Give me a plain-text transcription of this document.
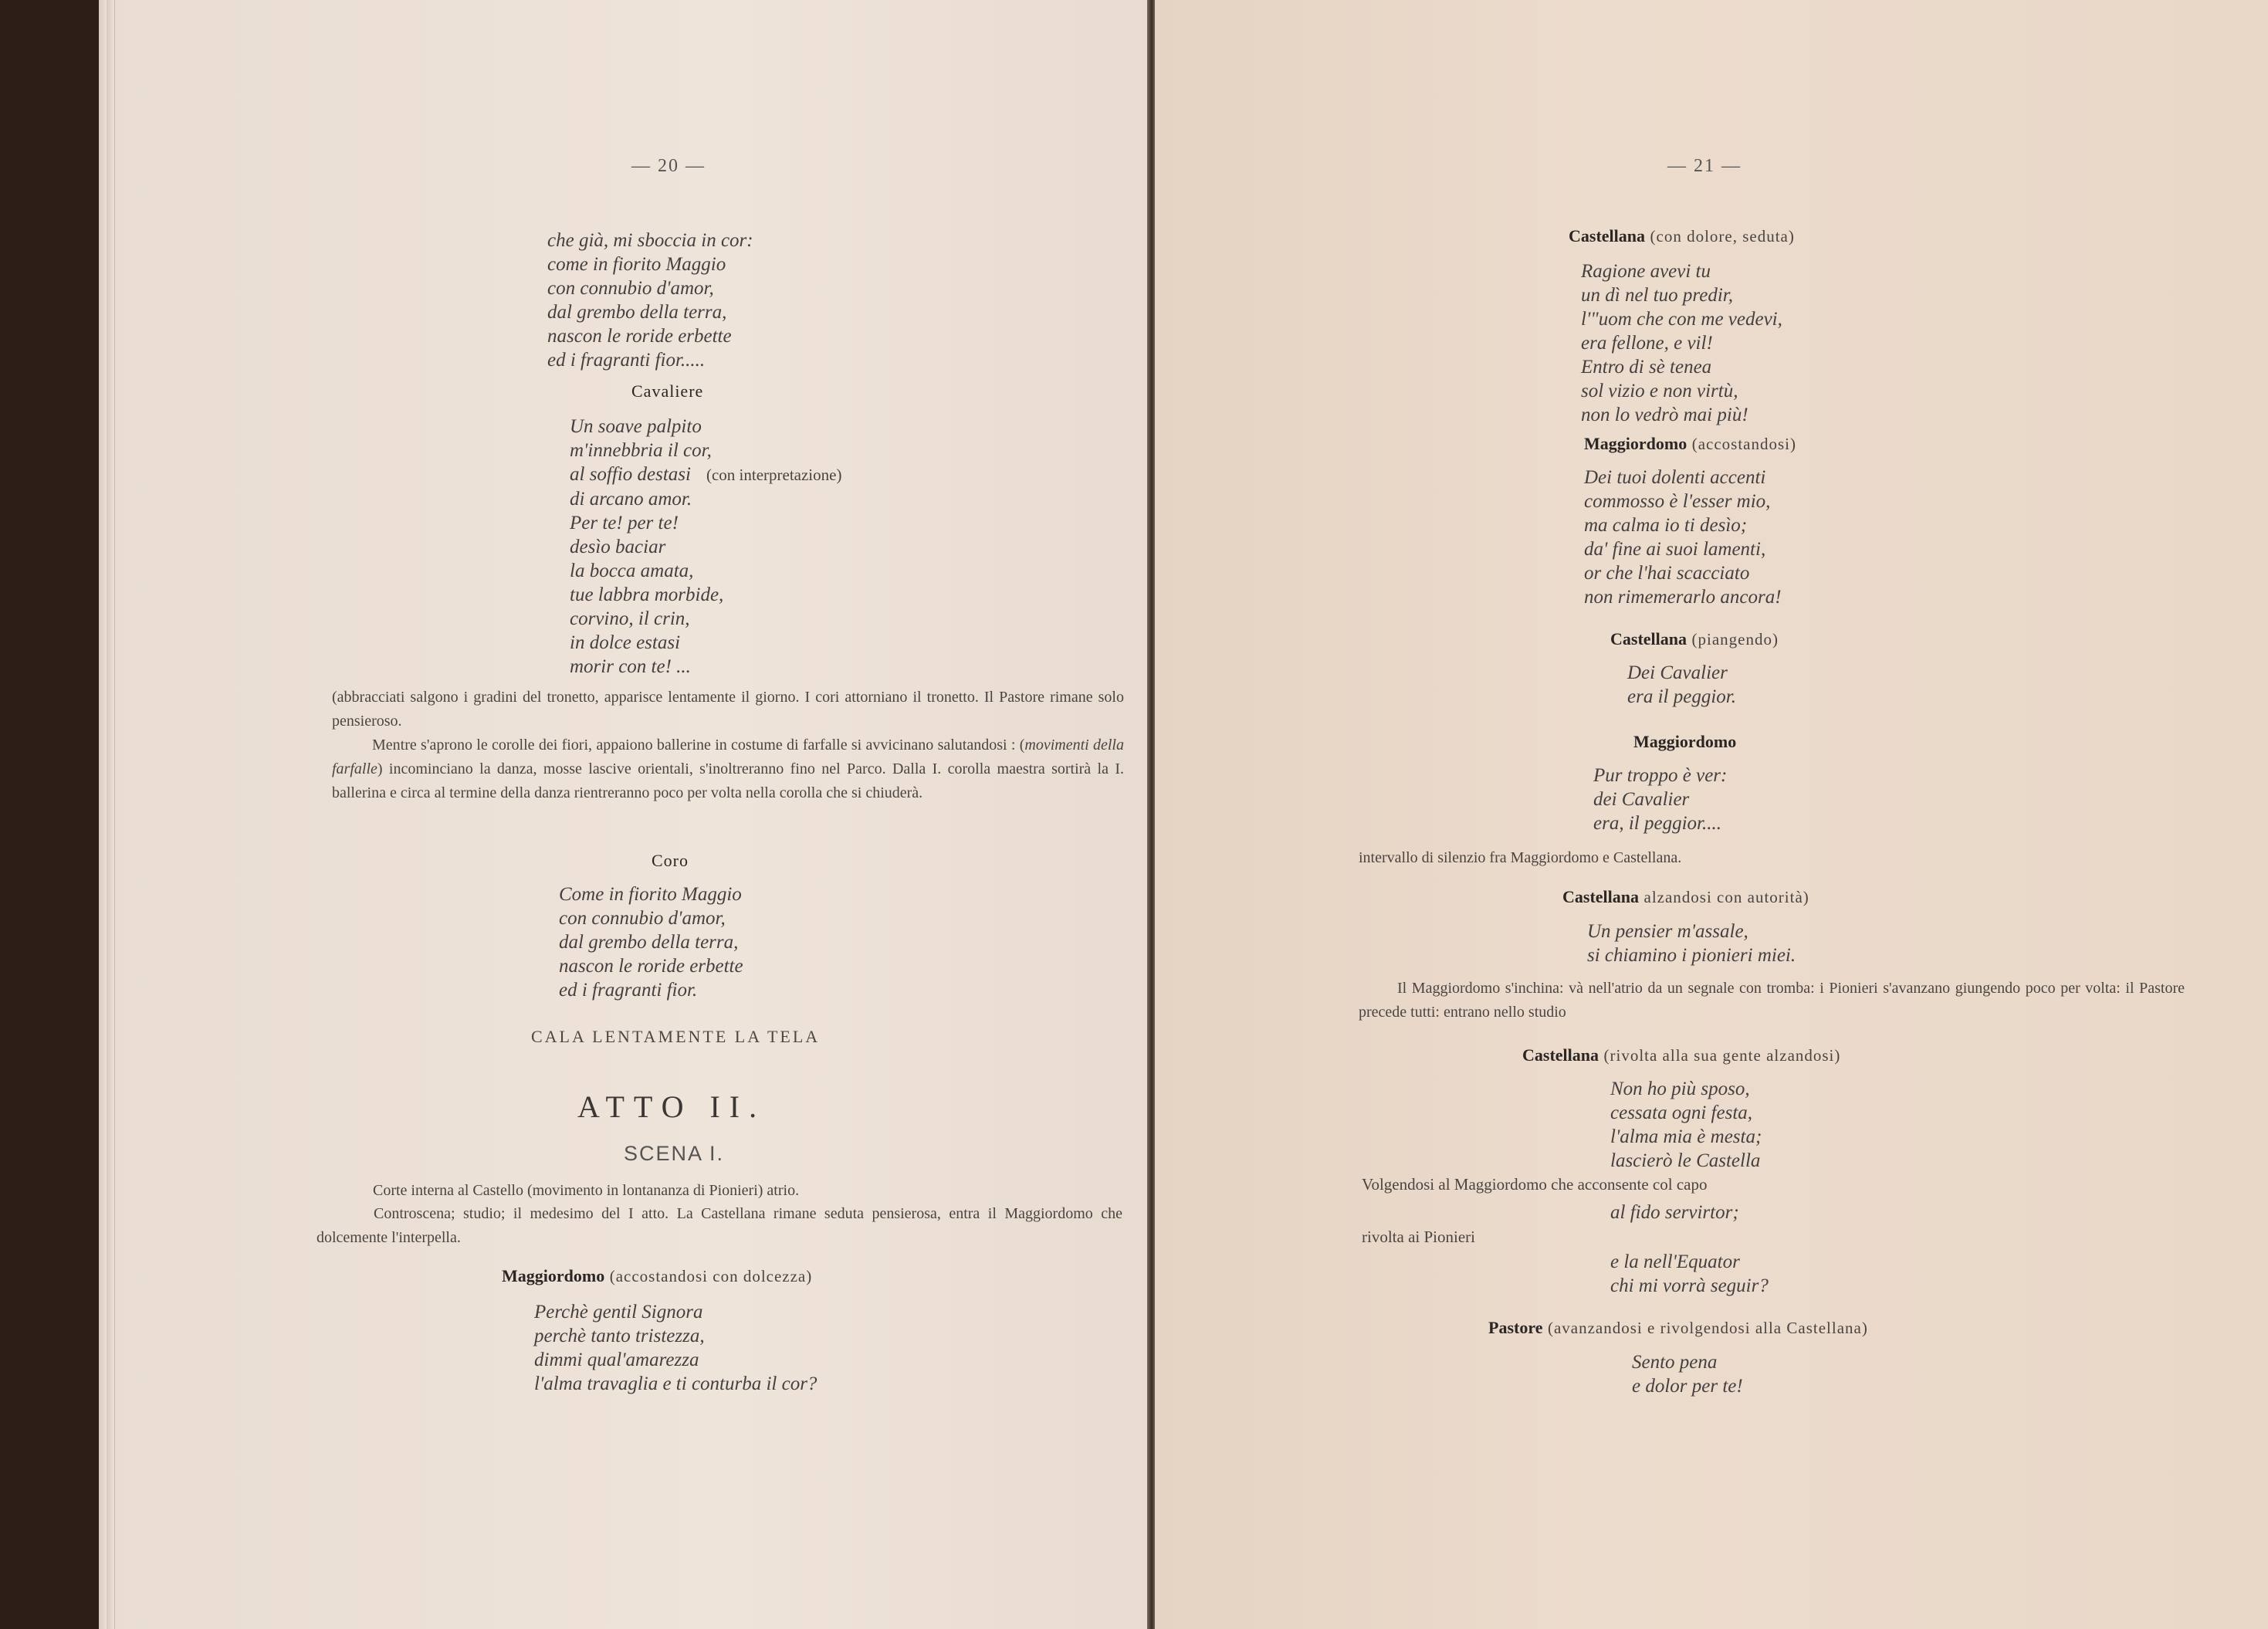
— 20 —
che già, mi sboccia in cor:
come in fiorito Maggio
con connubio d'amor,
dal grembo della terra,
nascon le roride erbette
ed i fragranti fior.....
Cavaliere
Un soave palpito
m'innebbria il cor,
al soffio destasi (con interpretazione)
di arcano amor.
Per te! per te!
desìo baciar
la bocca amata,
tue labbra morbide,
corvino, il crin,
in dolce estasi
morir con te! ...
(abbracciati salgono i gradini del tronetto, apparisce lentamente il giorno. I cori attorniano il tronetto. Il Pastore rimane solo pensieroso.
Mentre s'aprono le corolle dei fiori, appaiono ballerine in costume di farfalle si avvicinano salutandosi : (movimenti della farfalle) incominciano la danza, mosse lascive orientali, s'inoltreranno fino nel Parco. Dalla I. corolla maestra sortirà la I. ballerina e circa al termine della danza rientreranno poco per volta nella corolla che si chiuderà.
Coro
Come in fiorito Maggio
con connubio d'amor,
dal grembo della terra,
nascon le roride erbette
ed i fragranti fior.
CALA LENTAMENTE LA TELA
ATTO II.
SCENA I.
Corte interna al Castello (movimento in lontananza di Pionieri) atrio.
Controscena; studio; il medesimo del I atto. La Castellana rimane seduta pensierosa, entra il Maggiordomo che dolcemente l'interpella.
Maggiordomo (accostandosi con dolcezza)
Perchè gentil Signora
perchè tanto tristezza,
dimmi qual'amarezza
l'alma travaglia e ti conturba il cor?
— 21 —
Castellana (con dolore, seduta)
Ragione avevi tu
un dì nel tuo predir,
l'"uom che con me vedevi,
era fellone, e vil!
Entro di sè tenea
sol vizio e non virtù,
non lo vedrò mai più!
Maggiordomo (accostandosi)
Dei tuoi dolenti accenti
commosso è l'esser mio,
ma calma io ti desìo;
da' fine ai suoi lamenti,
or che l'hai scacciato
non rimemerarlo ancora!
Castellana (piangendo)
Dei Cavalier
era il peggior.
Maggiordomo
Pur troppo è ver:
dei Cavalier
era, il peggior....
intervallo di silenzio fra Maggiordomo e Castellana.
Castellana alzandosi con autorità)
Un pensier m'assale,
si chiamino i pionieri miei.
Il Maggiordomo s'inchina: và nell'atrio da un segnale con tromba: i Pionieri s'avanzano giungendo poco per volta: il Pastore precede tutti: entrano nello studio
Castellana (rivolta alla sua gente alzandosi)
Non ho più sposo,
cessata ogni festa,
l'alma mia è mesta;
lascierò le Castella
Volgendosi al Maggiordomo che acconsente col capo
al fido servirtor;
rivolta ai Pionieri
e la nell'Equator
chi mi vorrà seguir?
Pastore (avanzandosi e rivolgendosi alla Castellana)
Sento pena
e dolor per te!
